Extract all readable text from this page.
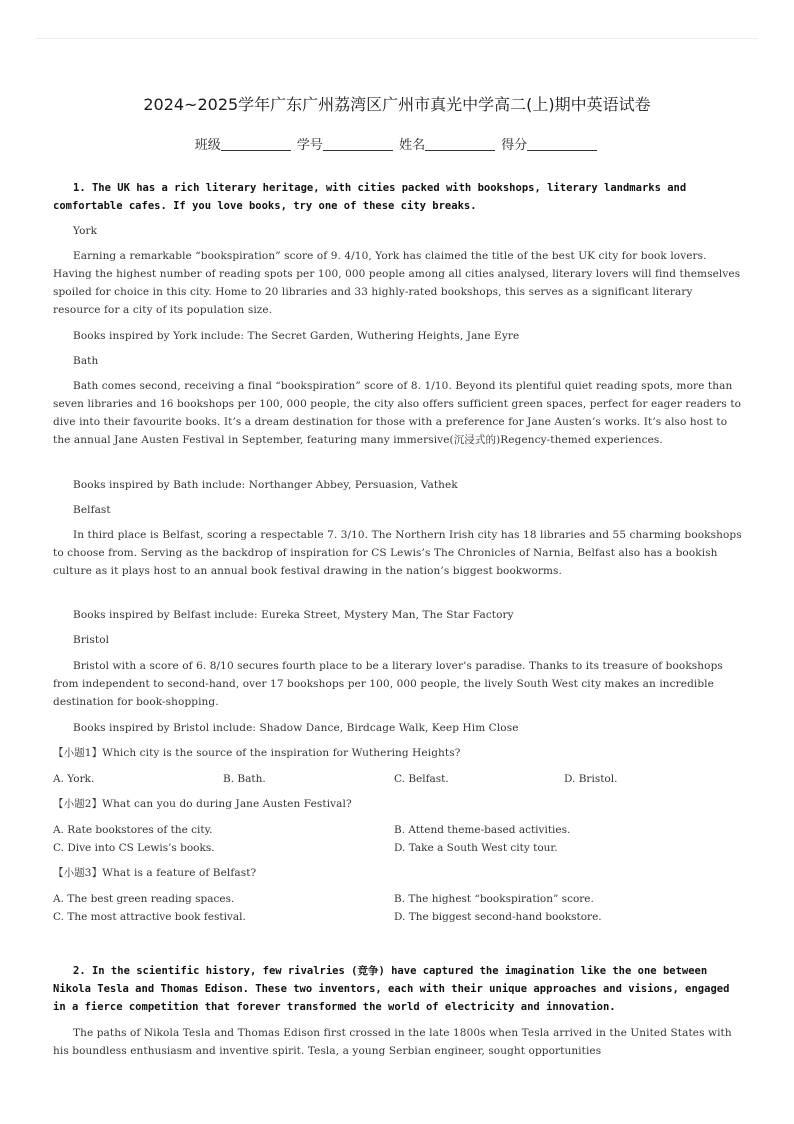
2024~2025学年广东广州荔湾区广州市真光中学高二(上)期中英语试卷
班级	学号	姓名	得分
1. The UK has a rich literary heritage, with cities packed with bookshops, literary landmarks and comfortable cafes. If you love books, try one of these city breaks.
York
Earning a remarkable “bookspiration” score of 9. 4/10, York has claimed the title of the best UK city for book lovers. Having the highest number of reading spots per 100, 000 people among all cities analysed, literary lovers will find themselves spoiled for choice in this city. Home to 20 libraries and 33 highly-rated bookshops, this serves as a significant literary resource for a city of its population size.
Books inspired by York include: The Secret Garden, Wuthering Heights, Jane Eyre
Bath
Bath comes second, receiving a final “bookspiration” score of 8. 1/10. Beyond its plentiful quiet reading spots, more than seven libraries and 16 bookshops per 100, 000 people, the city also offers sufficient green spaces, perfect for eager readers to dive into their favourite books. It’s a dream destination for those with a preference for Jane Austen’s works. It’s also host to the annual Jane Austen Festival in September, featuring many immersive(沉浸式的)Regency-themed experiences.
Books inspired by Bath include: Northanger Abbey, Persuasion, Vathek
Belfast
In third place is Belfast, scoring a respectable 7. 3/10. The Northern Irish city has 18 libraries and 55 charming bookshops to choose from. Serving as the backdrop of inspiration for CS Lewis’s The Chronicles of Narnia, Belfast also has a bookish culture as it plays host to an annual book festival drawing in the nation’s biggest bookworms.
Books inspired by Belfast include: Eureka Street, Mystery Man, The Star Factory
Bristol
Bristol with a score of 6. 8/10 secures fourth place to be a literary lover’s paradise. Thanks to its treasure of bookshops from independent to second-hand, over 17 bookshops per 100, 000 people, the lively South West city makes an incredible destination for book-shopping.
Books inspired by Bristol include: Shadow Dance, Birdcage Walk, Keep Him Close
【小题1】Which city is the source of the inspiration for Wuthering Heights?
A. York.	B. Bath.	C. Belfast.	D. Bristol.
【小题2】What can you do during Jane Austen Festival?
A. Rate bookstores of the city.	B. Attend theme-based activities.
C. Dive into CS Lewis’s books.	D. Take a South West city tour.
【小题3】What is a feature of Belfast?
A. The best green reading spaces.	B. The highest “bookspiration” score.
C. The most attractive book festival.	D. The biggest second-hand bookstore.
2. In the scientific history, few rivalries (竞争) have captured the imagination like the one between Nikola Tesla and Thomas Edison. These two inventors, each with their unique approaches and visions, engaged in a fierce competition that forever transformed the world of electricity and innovation.
The paths of Nikola Tesla and Thomas Edison first crossed in the late 1800s when Tesla arrived in the United States with his boundless enthusiasm and inventive spirit. Tesla, a young Serbian engineer, sought opportunities
